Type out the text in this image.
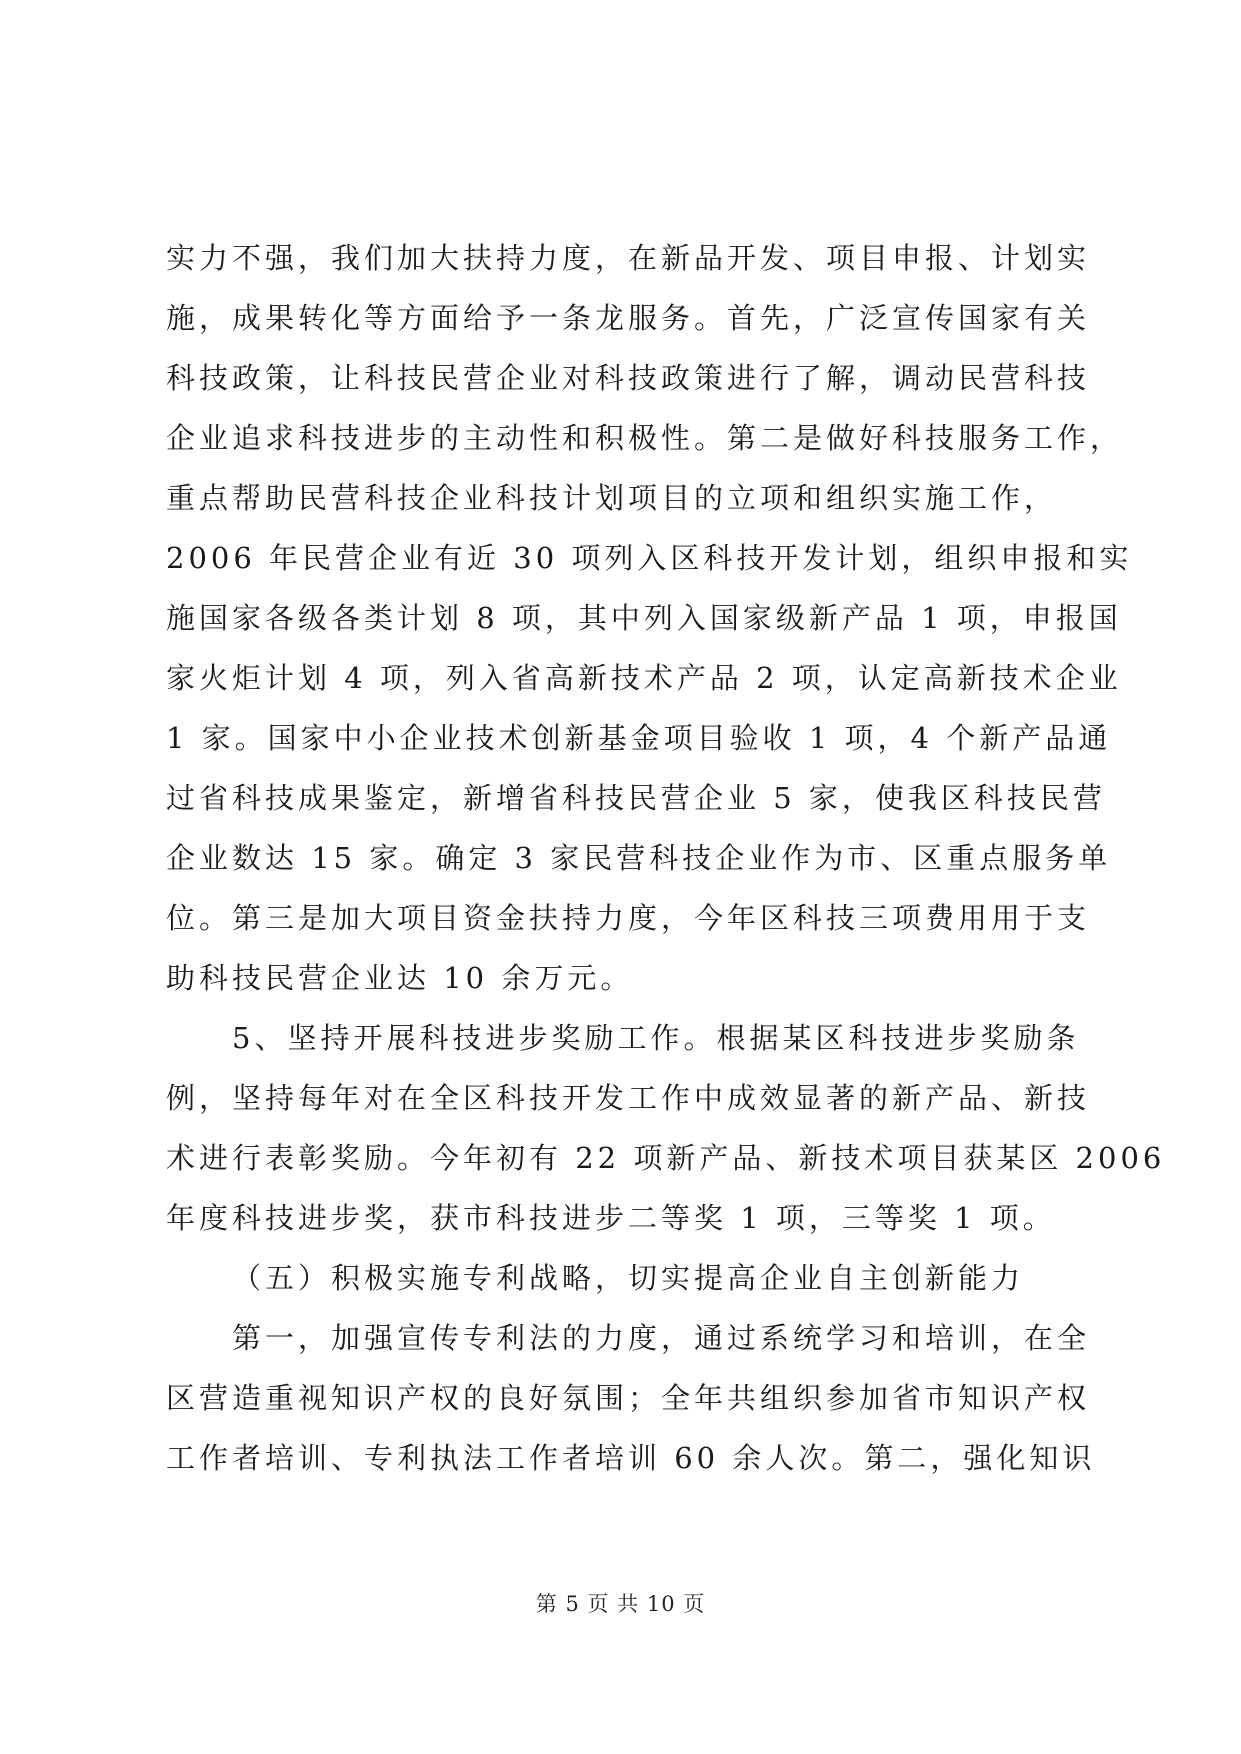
实力不强，我们加大扶持力度，在新品开发、项目申报、计划实
施，成果转化等方面给予一条龙服务。首先，广泛宣传国家有关
科技政策，让科技民营企业对科技政策进行了解，调动民营科技
企业追求科技进步的主动性和积极性。第二是做好科技服务工作，
重点帮助民营科技企业科技计划项目的立项和组织实施工作，
2006 年民营企业有近 30 项列入区科技开发计划，组织申报和实
施国家各级各类计划 8 项，其中列入国家级新产品 1 项，申报国
家火炬计划 4 项，列入省高新技术产品 2 项，认定高新技术企业
1 家。国家中小企业技术创新基金项目验收 1 项，4 个新产品通
过省科技成果鉴定，新增省科技民营企业 5 家，使我区科技民营
企业数达 15 家。确定 3 家民营科技企业作为市、区重点服务单
位。第三是加大项目资金扶持力度，今年区科技三项费用用于支
助科技民营企业达 10 余万元。
5、坚持开展科技进步奖励工作。根据某区科技进步奖励条
例，坚持每年对在全区科技开发工作中成效显著的新产品、新技
术进行表彰奖励。今年初有 22 项新产品、新技术项目获某区 2006
年度科技进步奖，获市科技进步二等奖 1 项，三等奖 1 项。
（五）积极实施专利战略，切实提高企业自主创新能力
第一，加强宣传专利法的力度，通过系统学习和培训，在全
区营造重视知识产权的良好氛围；全年共组织参加省市知识产权
工作者培训、专利执法工作者培训 60 余人次。第二，强化知识
第 5 页 共 10 页
